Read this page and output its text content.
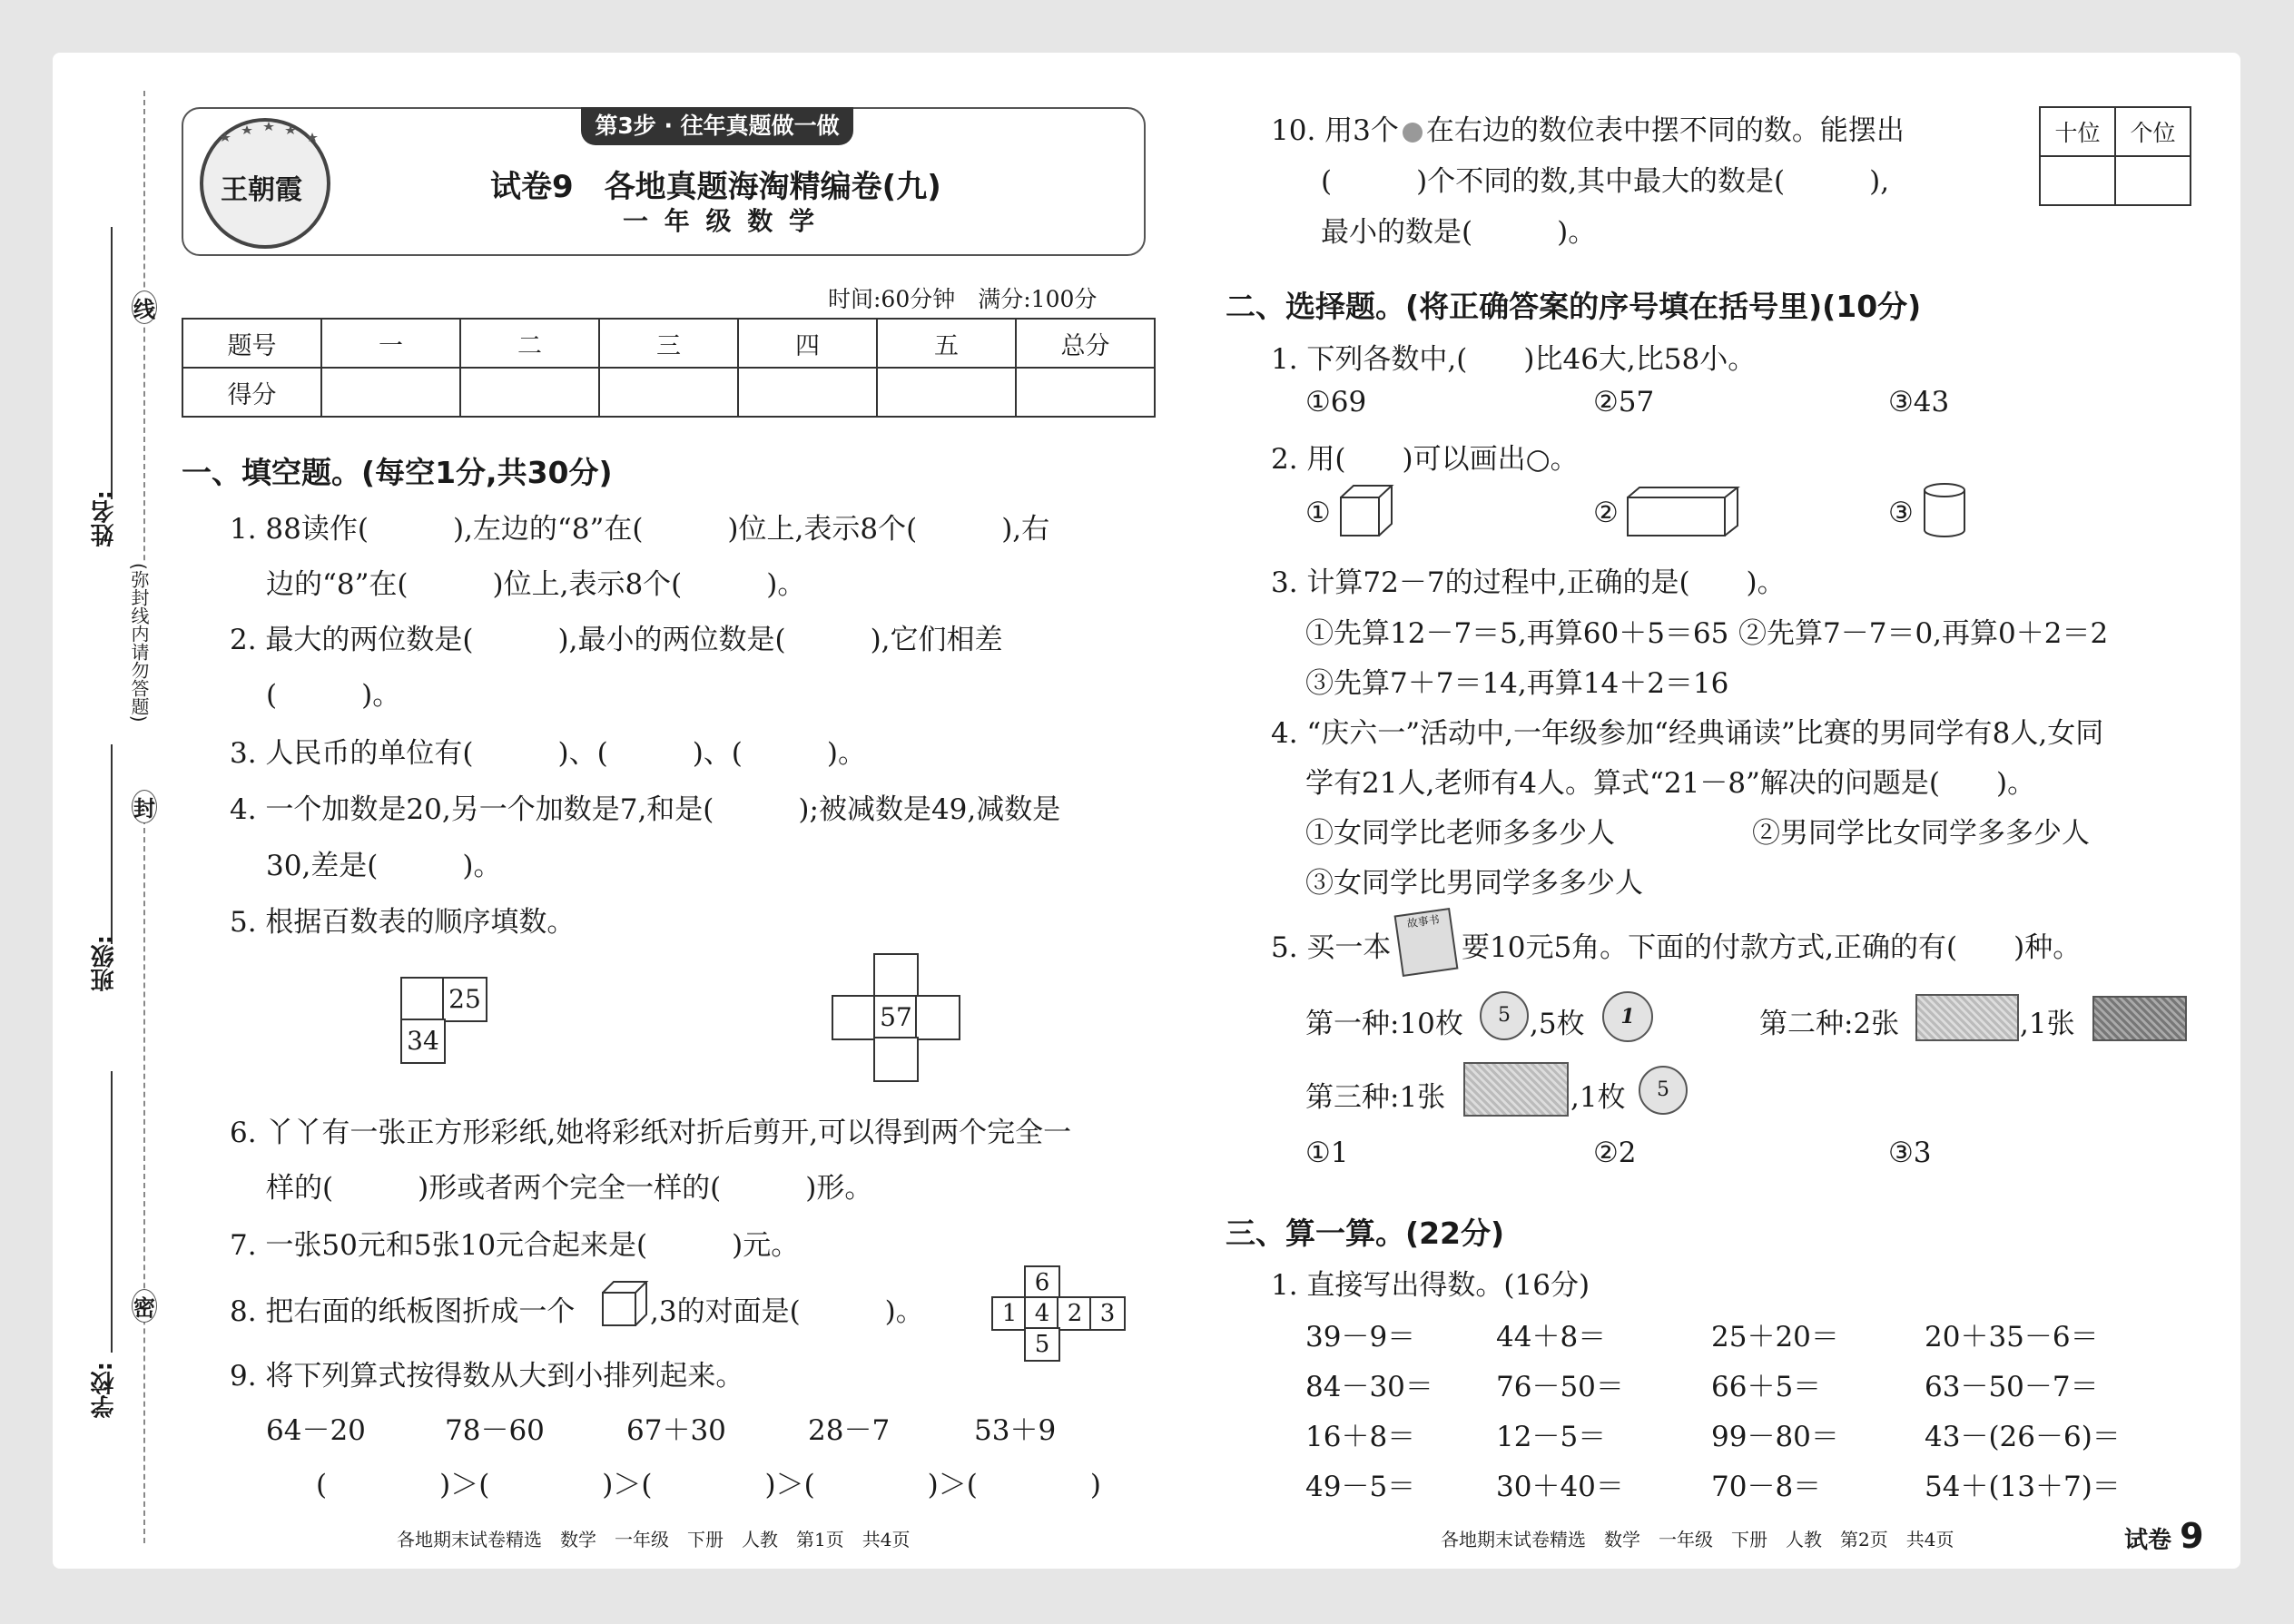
线
封
密
(弥封线内请勿答题)
姓名:
班级:
学校:
第3步 · 往年真题做一做
王朝霞	试卷9　各地真题海淘精编卷(九)
一 年 级 数 学
时间:60分钟　满分:100分
题号	一	二	三	四	五	总分
得分						
一、填空题。(每空1分,共30分)
1. 88读作(　　　),左边的“8”在(　　　)位上,表示8个(　　　),右
边的“8”在(　　　)位上,表示8个(　　　)。
2. 最大的两位数是(　　　),最小的两位数是(　　　),它们相差
(　　　)。
3. 人民币的单位有(　　　)、(　　　)、(　　　)。
4. 一个加数是20,另一个加数是7,和是(　　　);被减数是49,减数是
30,差是(　　　)。
5. 根据百数表的顺序填数。
25
34
57
6. 丫丫有一张正方形彩纸,她将彩纸对折后剪开,可以得到两个完全一
样的(　　　)形或者两个完全一样的(　　　)形。
7. 一张50元和5张10元合起来是(　　　)元。
8. 把右面的纸板图折成一个	,3的对面是(　　　)。
6
1 4 2 3
5
9. 将下列算式按得数从大到小排列起来。
64－20	78－60	67＋30	28－7	53＋9
(　　　　)＞(　　　　)＞(　　　　)＞(　　　　)＞(　　　　)
10. 用3个 在右边的数位表中摆不同的数。能摆出
(　　　)个不同的数,其中最大的数是(　　　),
最小的数是(　　　)。
十位	个位

二、选择题。(将正确答案的序号填在括号里)(10分)
1. 下列各数中,(　　)比46大,比58小。
①69	②57	③43
2. 用(　　)可以画出○。
①	②	③
3. 计算72－7的过程中,正确的是(　　)。
①先算12－7＝5,再算60＋5＝65 ②先算7－7＝0,再算0＋2＝2
③先算7＋7＝14,再算14＋2＝16
4. “庆六一”活动中,一年级参加“经典诵读”比赛的男同学有8人,女同
学有21人,老师有4人。算式“21－8”解决的问题是(　　)。
①女同学比老师多多少人	②男同学比女同学多多少人
③女同学比男同学多多少人
5. 买一本
故事书
要10元5角。下面的付款方式,正确的有(　　)种。
第一种:10枚	5 ,5枚	1	第二种:2张	,1张
第三种:1张	,1枚	5
①1	②2	③3
三、算一算。(22分)
1. 直接写出得数。(16分)
39－9＝	44＋8＝	25＋20＝	20＋35－6＝
84－30＝ 76－50＝	66＋5＝	63－50－7＝
16＋8＝	12－5＝	99－80＝	43－(26－6)＝
49－5＝	30＋40＝	70－8＝	54＋(13＋7)＝
各地期末试卷精选　数学　一年级　下册　人教　第1页　共4页	各地期末试卷精选　数学　一年级　下册　人教　第2页　共4页	试卷 9
